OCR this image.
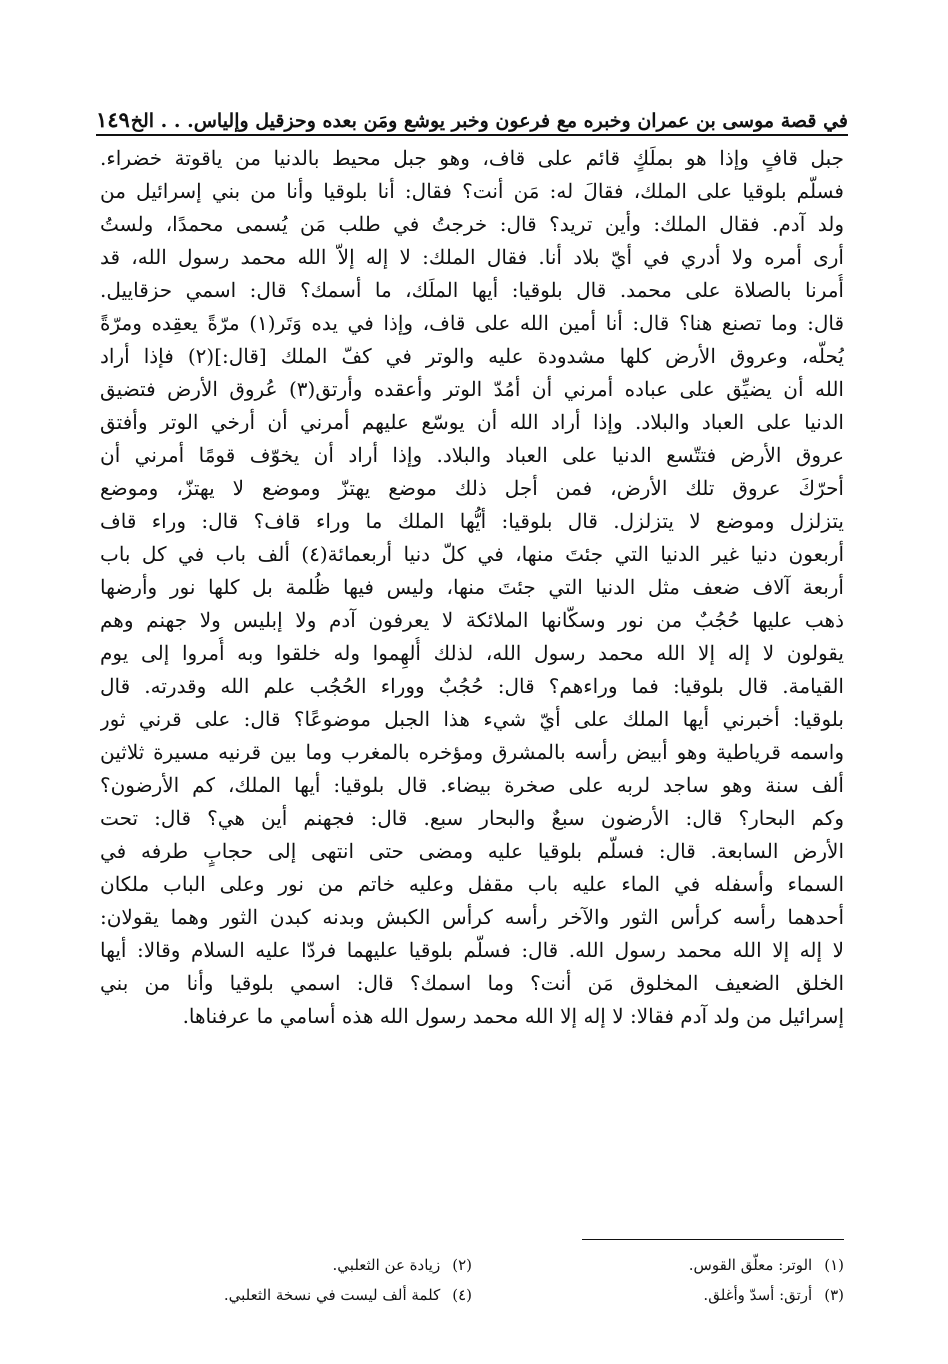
في قصة موسى بن عمران وخبره مع فرعون وخبر يوشع ومَن بعده وحزقيل وإلياس. . . الخ
١٤٩
جبل قافٍ وإذا هو بملَكٍ قائم على قاف، وهو جبل محيط بالدنيا من ياقوتة خضراء.
فسلّم بلوقيا على الملك، فقالَ له: مَن أنت؟ فقال: أنا بلوقيا وأنا من بني إسرائيل من
ولد آدم. فقال الملك: وأين تريد؟ قال: خرجتُ في طلب مَن يُسمى محمدًا، ولستُ
أرى أمره ولا أدري في أيّ بلاد أنا. فقال الملك: لا إله إلاّ الله محمد رسول الله، قد
أُمرنا بالصلاة على محمد. قال بلوقيا: أيها الملَك، ما أسمك؟ قال: اسمي حزقاييل.
قال: وما تصنع هنا؟ قال: أنا أمين الله على قاف، وإذا في يده وَتَر(١) مرّةً يعقِده ومرّةً
يُحلّه، وعروق الأرض كلها مشدودة عليه والوتر في كفّ الملك [قال:](٢) فإذا أراد
الله أن يضيِّق على عباده أمرني أن أمُدّ الوتر وأعقده وأرتق(٣) عُروق الأرض فتضيق
الدنيا على العباد والبلاد. وإذا أراد الله أن يوسّع عليهم أمرني أن أرخي الوتر وأفتق
عروق الأرض فتتّسع الدنيا على العباد والبلاد. وإذا أراد أن يخوّف قومًا أمرني أن
أحرّكَ عروق تلك الأرض، فمن أجل ذلك موضع يهتزّ وموضع لا يهتزّ، وموضع
يتزلزل وموضع لا يتزلزل. قال بلوقيا: أيُّها الملك ما وراء قاف؟ قال: وراء قاف
أربعون دنيا غير الدنيا التي جئتَ منها، في كلّ دنيا أربعمائة(٤) ألف باب في كل باب
أربعة آلاف ضعف مثل الدنيا التي جئتَ منها، وليس فيها ظُلمة بل كلها نور وأرضها
ذهب عليها حُجُبٌ من نور وسكّانها الملائكة لا يعرفون آدم ولا إبليس ولا جهنم وهم
يقولون لا إله إلا الله محمد رسول الله، لذلك أُلهِموا وله خلقوا وبه أُمروا إلى يوم
القيامة. قال بلوقيا: فما وراءهم؟ قال: حُجُبٌ ووراء الحُجُب علم الله وقدرته. قال
بلوقيا: أخبرني أيها الملك على أيّ شيء هذا الجبل موضوعًا؟ قال: على قرني ثور
واسمه قرياطية وهو أبيض رأسه بالمشرق ومؤخره بالمغرب وما بين قرنيه مسيرة ثلاثين
ألف سنة وهو ساجد لربه على صخرة بيضاء. قال بلوقيا: أيها الملك، كم الأرضون؟
وكم البحار؟ قال: الأرضون سبعٌ والبحار سبع. قال: فجهنم أين هي؟ قال: تحت
الأرض السابعة. قال: فسلّم بلوقيا عليه ومضى حتى انتهى إلى حجابٍ طرفه في
السماء وأسفله في الماء عليه باب مقفل وعليه خاتم من نور وعلى الباب ملكان
أحدهما رأسه كرأس الثور والآخر رأسه كرأس الكبش وبدنه كبدن الثور وهما يقولان:
لا إله إلا الله محمد رسول الله. قال: فسلّم بلوقيا عليهما فردّا عليه السلام وقالا: أيها
الخلق الضعيف المخلوق مَن أنت؟ وما اسمك؟ قال: اسمي بلوقيا وأنا من بني
إسرائيل من ولد آدم فقالا: لا إله إلا الله محمد رسول الله هذه أسامي ما عرفناها.
(١)الوتر: معلّق القوس.
(٢)زيادة عن الثعلبي.
(٣)أرتق: أسدّ وأغلق.
(٤)كلمة ألف ليست في نسخة الثعلبي.
